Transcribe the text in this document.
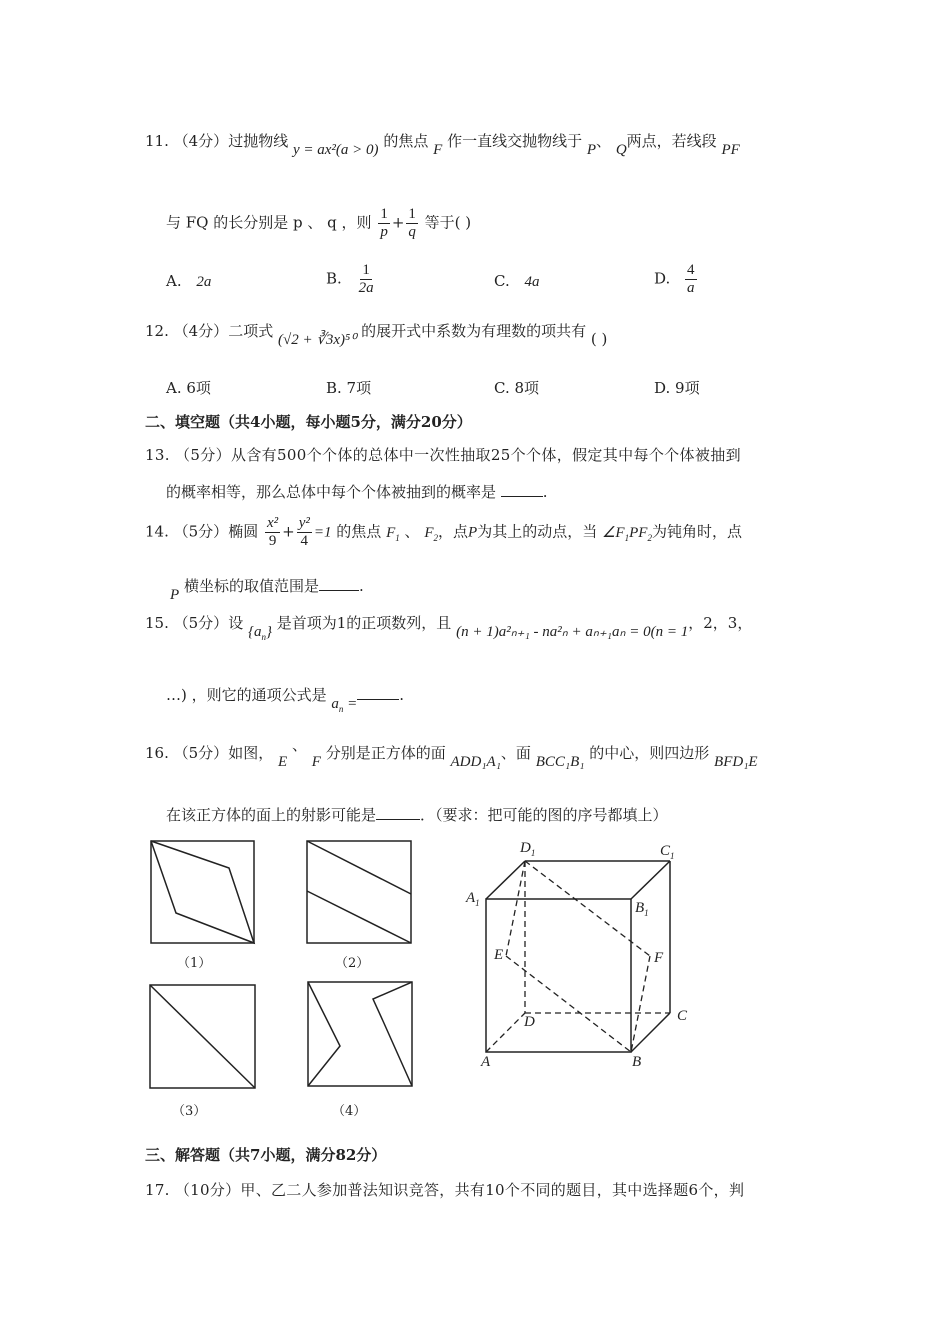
11. （4分）过抛物线 y = ax²(a > 0) 的焦点 F 作一直线交抛物线于 P、 Q两点，若线段 PF
与 FQ 的长分别是 p 、 q ，则 $\frac{1}{p} + \frac{1}{q}$ 等于( )
A. 2a	B. $\frac{1}{2a}$	C. 4a	D. $\frac{4}{a}$
12. （4分）二项式 (√2 + ∛3x)⁵⁰ 的展开式中系数为有理数的项共有 ( )
A. 6项	B. 7项	C. 8项	D. 9项
二、填空题（共4小题，每小题5分，满分20分）
13. （5分）从含有500个个体的总体中一次性抽取25个个体，假定其中每个个体被抽到
的概率相等，那么总体中每个个体被抽到的概率是	.
14. （5分）椭圆 $\frac{\text{x²}}{9} + \frac{\text{y²}}{4} =1$ 的焦点 $F_1$ 、 $F_2$，点P为其上的动点，当 $\angle F_1PF_2$为钝角时，点
P 横坐标的取值范围是	.
15. （5分）设 $\{a_n\}$ 是首项为1的正项数列，且 (n + 1)a²ₙ₊₁ - na²ₙ + aₙ₊₁aₙ = 0(n = 1，2，3，
…) ，则它的通项公式是 $a_n$ =	.
16. （5分）如图， E 、 F 分别是正方体的面 ADD₁A₁、面 BCC₁B₁ 的中心，则四边形 BFD₁E
在该正方体的面上的射影可能是	．（要求：把可能的图的序号都填上）
（1）	（2）
（3）	（4）
$D_1$	$C_1$
$A_1$	$B_1$
E	F
D	C
A	B
三、解答题（共7小题，满分82分）
17. （10分）甲、乙二人参加普法知识竞答，共有10个不同的题目，其中选择题6个，判
